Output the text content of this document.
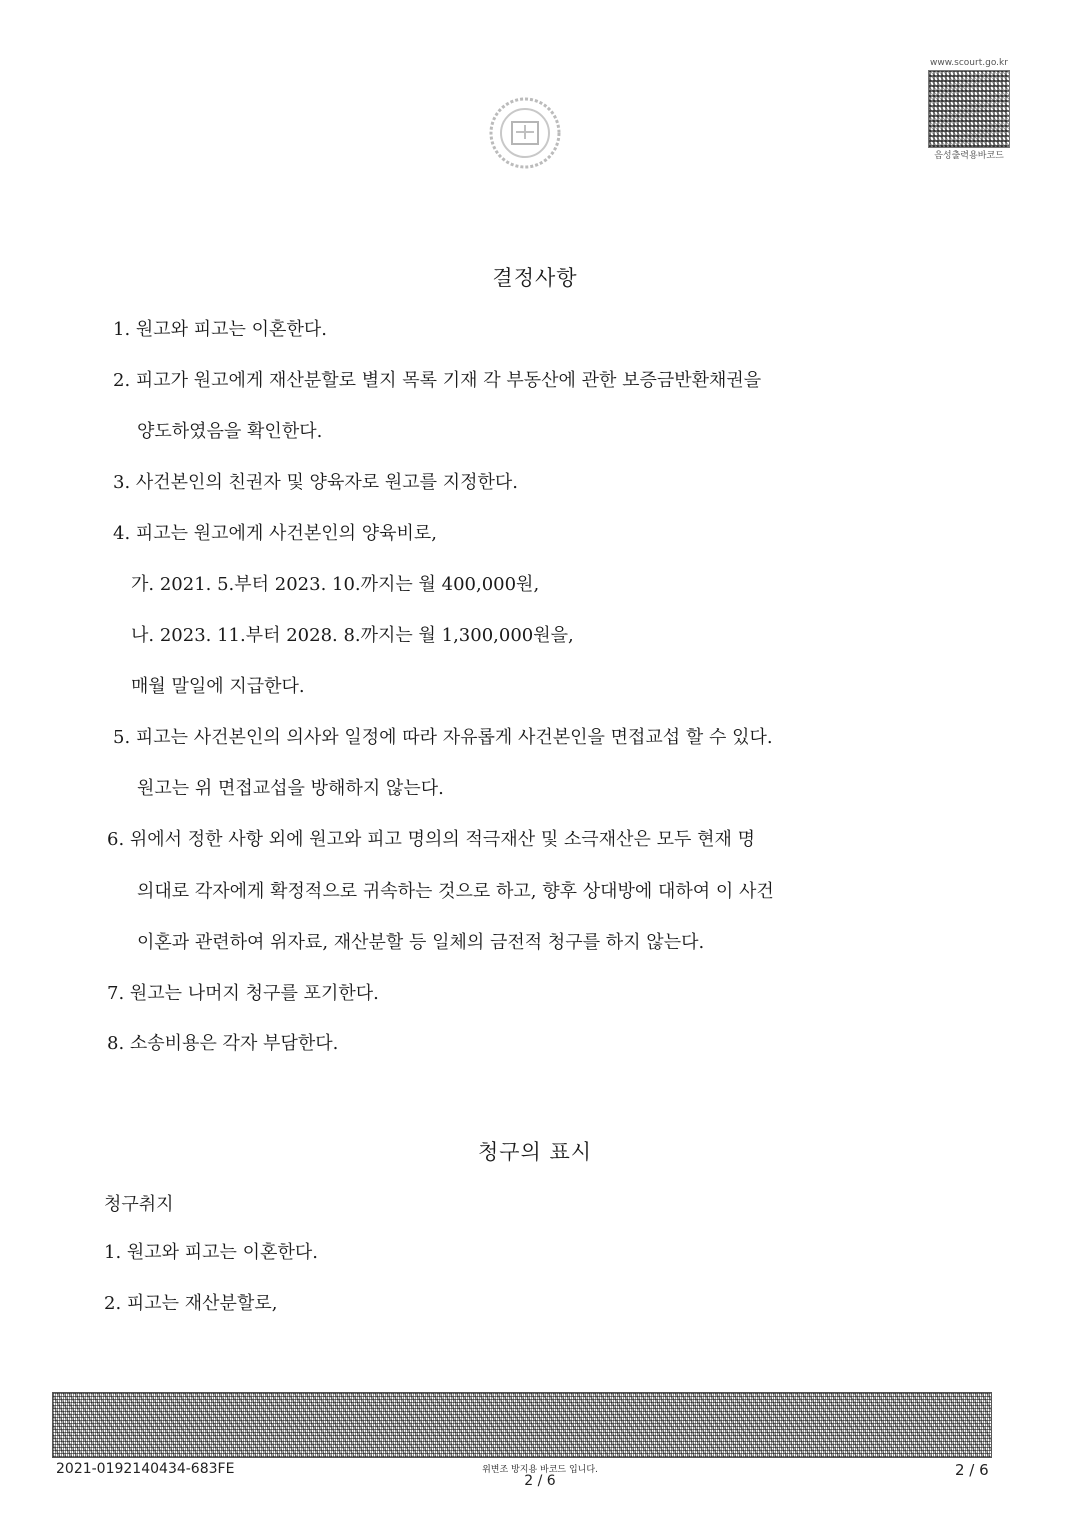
www.scourt.go.kr
음성출력용바코드
결정사항
1. 원고와 피고는 이혼한다.
2. 피고가 원고에게 재산분할로 별지 목록 기재 각 부동산에 관한 보증금반환채권을
양도하였음을 확인한다.
3. 사건본인의 친권자 및 양육자로 원고를 지정한다.
4. 피고는 원고에게 사건본인의 양육비로,
가. 2021. 5.부터 2023. 10.까지는 월 400,000원,
나. 2023. 11.부터 2028. 8.까지는 월 1,300,000원을,
매월 말일에 지급한다.
5. 피고는 사건본인의 의사와 일정에 따라 자유롭게 사건본인을 면접교섭 할 수 있다.
원고는 위 면접교섭을 방해하지 않는다.
6. 위에서 정한 사항 외에 원고와 피고 명의의 적극재산 및 소극재산은 모두 현재 명
의대로 각자에게 확정적으로 귀속하는 것으로 하고, 향후 상대방에 대하여 이 사건
이혼과 관련하여 위자료, 재산분할 등 일체의 금전적 청구를 하지 않는다.
7. 원고는 나머지 청구를 포기한다.
8. 소송비용은 각자 부담한다.
청구의 표시
청구취지
1. 원고와 피고는 이혼한다.
2. 피고는 재산분할로,
2021-0192140434-683FE	위변조 방지용 바코드 입니다.
2 / 6
2 / 6
